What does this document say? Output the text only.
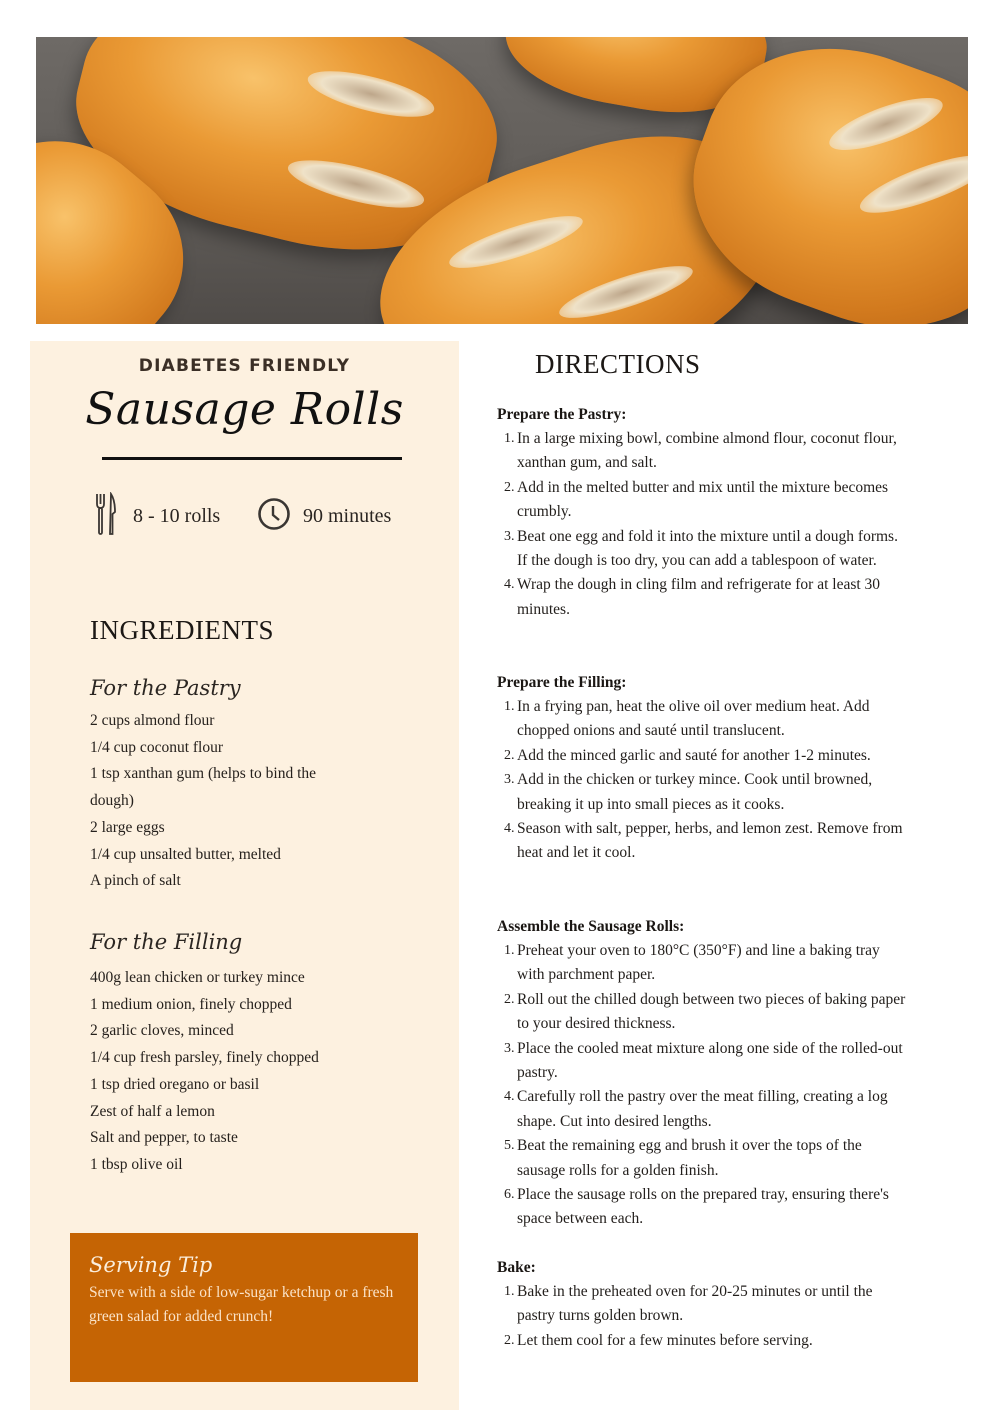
DIABETES FRIENDLY
Sausage Rolls
8 - 10 rolls	90 minutes
INGREDIENTS
For the Pastry
2 cups almond flour
1/4 cup coconut flour
1 tsp xanthan gum (helps to bind the dough)
2 large eggs
1/4 cup unsalted butter, melted
A pinch of salt
For the Filling
400g lean chicken or turkey mince
1 medium onion, finely chopped
2 garlic cloves, minced
1/4 cup fresh parsley, finely chopped
1 tsp dried oregano or basil
Zest of half a lemon
Salt and pepper, to taste
1 tbsp olive oil
Serving Tip
Serve with a side of low-sugar ketchup or a fresh green salad for added crunch!
DIRECTIONS
Prepare the Pastry:
1. In a large mixing bowl, combine almond flour, coconut flour, xanthan gum, and salt.
2. Add in the melted butter and mix until the mixture becomes crumbly.
3. Beat one egg and fold it into the mixture until a dough forms. If the dough is too dry, you can add a tablespoon of water.
4. Wrap the dough in cling film and refrigerate for at least 30 minutes.
Prepare the Filling:
1. In a frying pan, heat the olive oil over medium heat. Add chopped onions and sauté until translucent.
2. Add the minced garlic and sauté for another 1-2 minutes.
3. Add in the chicken or turkey mince. Cook until browned, breaking it up into small pieces as it cooks.
4. Season with salt, pepper, herbs, and lemon zest. Remove from heat and let it cool.
Assemble the Sausage Rolls:
1. Preheat your oven to 180°C (350°F) and line a baking tray with parchment paper.
2. Roll out the chilled dough between two pieces of baking paper to your desired thickness.
3. Place the cooled meat mixture along one side of the rolled-out pastry.
4. Carefully roll the pastry over the meat filling, creating a log shape. Cut into desired lengths.
5. Beat the remaining egg and brush it over the tops of the sausage rolls for a golden finish.
6. Place the sausage rolls on the prepared tray, ensuring there's space between each.
Bake:
1. Bake in the preheated oven for 20-25 minutes or until the pastry turns golden brown.
2. Let them cool for a few minutes before serving.
